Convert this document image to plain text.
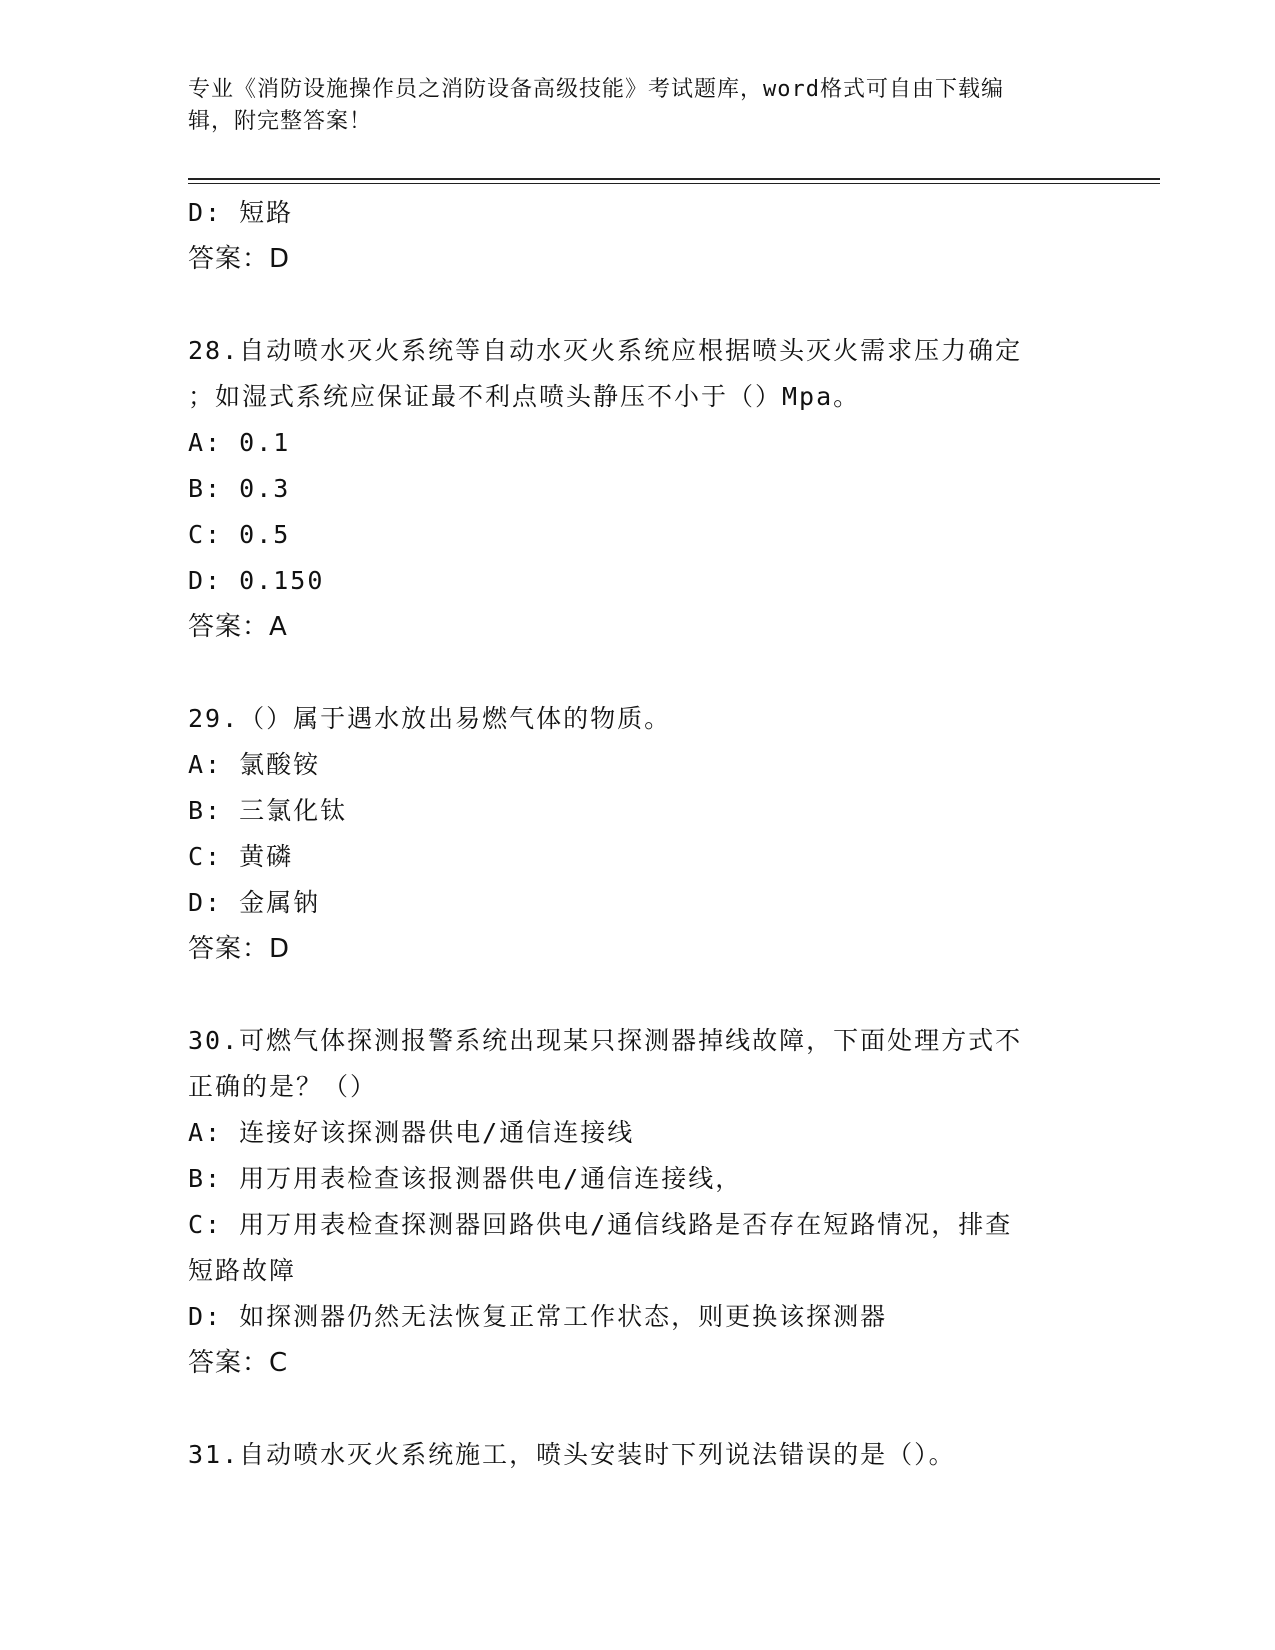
专业《消防设施操作员之消防设备高级技能》考试题库，word格式可自由下载编
辑，附完整答案！

D: 短路

答案：D

28.自动喷水灭火系统等自动水灭火系统应根据喷头灭火需求压力确定

；如湿式系统应保证最不利点喷头静压不小于（）Mpa。

A: 0.1

B: 0.3

C: 0.5

D: 0.150

答案：A

29.（）属于遇水放出易燃气体的物质。

A: 氯酸铵

B: 三氯化钛

C: 黄磷

D: 金属钠

答案：D

30.可燃气体探测报警系统出现某只探测器掉线故障，下面处理方式不

正确的是？（）

A: 连接好该探测器供电/通信连接线

B: 用万用表检查该报测器供电/通信连接线，

C: 用万用表检查探测器回路供电/通信线路是否存在短路情况，排查

短路故障

D: 如探测器仍然无法恢复正常工作状态，则更换该探测器

答案：C

31.自动喷水灭火系统施工，喷头安装时下列说法错误的是（）。
